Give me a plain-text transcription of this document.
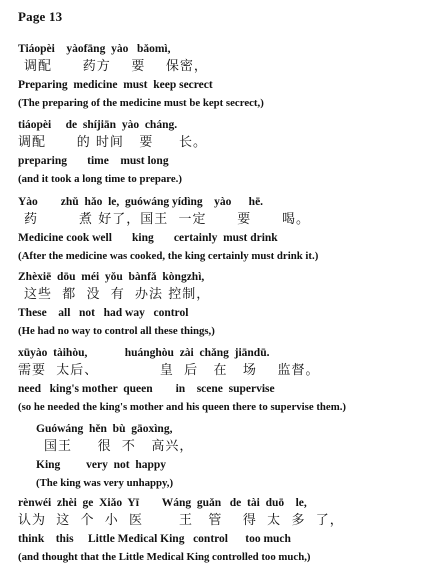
Page 13
Tiáopèi    yàofāng  yào   bǎomì,
调配      药方    要    保密，
Preparing  medicine  must  keep secrect
(The preparing of the medicine must be kept secrect,)
tiáopèi     de  shíjiān  yào  cháng.
调配      的 时间   要     长。
preparing       time    must long
(and it took a long time to prepare.)
Yào        zhǔ  hǎo  le,  guówáng yídìng    yào      hē.
药        煮 好了，国王  一定      要      喝。
Medicine cook well       king       certainly  must drink
(After the medicine was cooked, the king certainly must drink it.)
Zhèxiē  dōu  méi  yǒu  bànfǎ  kòngzhì,
这些  都  没  有  办法 控制，
These    all   not   had way   control
(He had no way to control all these things,)
xūyào  tàihòu,             huánghòu  zài  chǎng  jiāndū.
需要  太后、            皇  后   在   场    监督。
need   king's mother  queen        in    scene  supervise
(so he needed the king's mother and his queen there to supervise them.)
Guówáng  hěn  bù  gāoxìng,
国王     很  不   高兴，
King         very  not  happy
(The king was very unhappy,)
rènwéi  zhèi  ge  Xiǎo  Yī        Wáng  guǎn   de  tài  duō    le,
认为  这  个  小  医       王   管    得  太  多  了，
think    this     Little Medical King   control      too much
(and thought that the Little Medical King controlled too much,)
